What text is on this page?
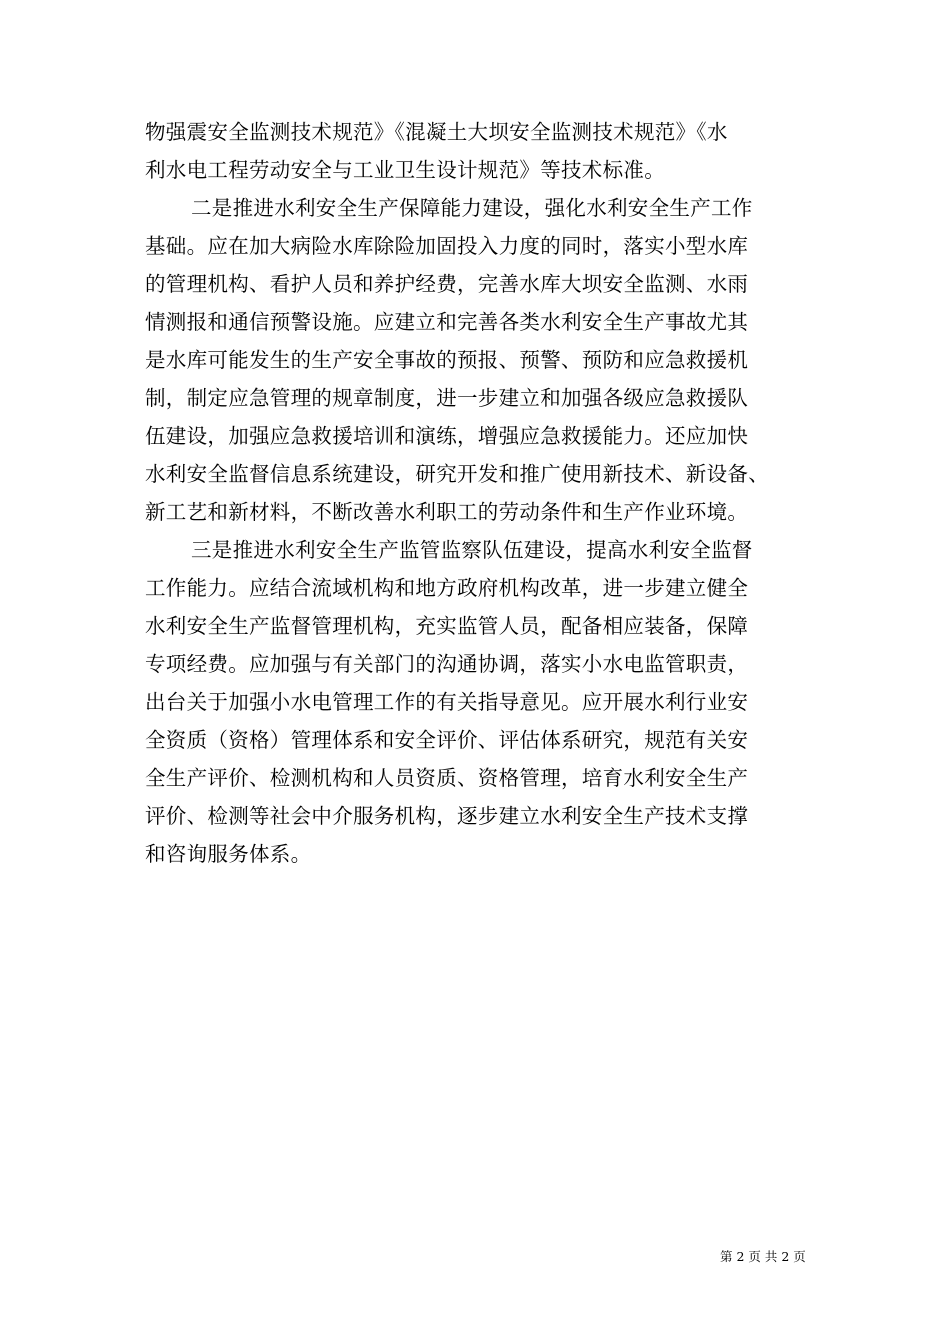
物强震安全监测技术规范》《混凝土大坝安全监测技术规范》《水
利水电工程劳动安全与工业卫生设计规范》等技术标准。
二是推进水利安全生产保障能力建设，强化水利安全生产工作
基础。应在加大病险水库除险加固投入力度的同时，落实小型水库
的管理机构、看护人员和养护经费，完善水库大坝安全监测、水雨
情测报和通信预警设施。应建立和完善各类水利安全生产事故尤其
是水库可能发生的生产安全事故的预报、预警、预防和应急救援机
制，制定应急管理的规章制度，进一步建立和加强各级应急救援队
伍建设，加强应急救援培训和演练，增强应急救援能力。还应加快
水利安全监督信息系统建设，研究开发和推广使用新技术、新设备、
新工艺和新材料，不断改善水利职工的劳动条件和生产作业环境。
三是推进水利安全生产监管监察队伍建设，提高水利安全监督
工作能力。应结合流域机构和地方政府机构改革，进一步建立健全
水利安全生产监督管理机构，充实监管人员，配备相应装备，保障
专项经费。应加强与有关部门的沟通协调，落实小水电监管职责，
出台关于加强小水电管理工作的有关指导意见。应开展水利行业安
全资质（资格）管理体系和安全评价、评估体系研究，规范有关安
全生产评价、检测机构和人员资质、资格管理，培育水利安全生产
评价、检测等社会中介服务机构，逐步建立水利安全生产技术支撑
和咨询服务体系。
第 2 页 共 2 页
